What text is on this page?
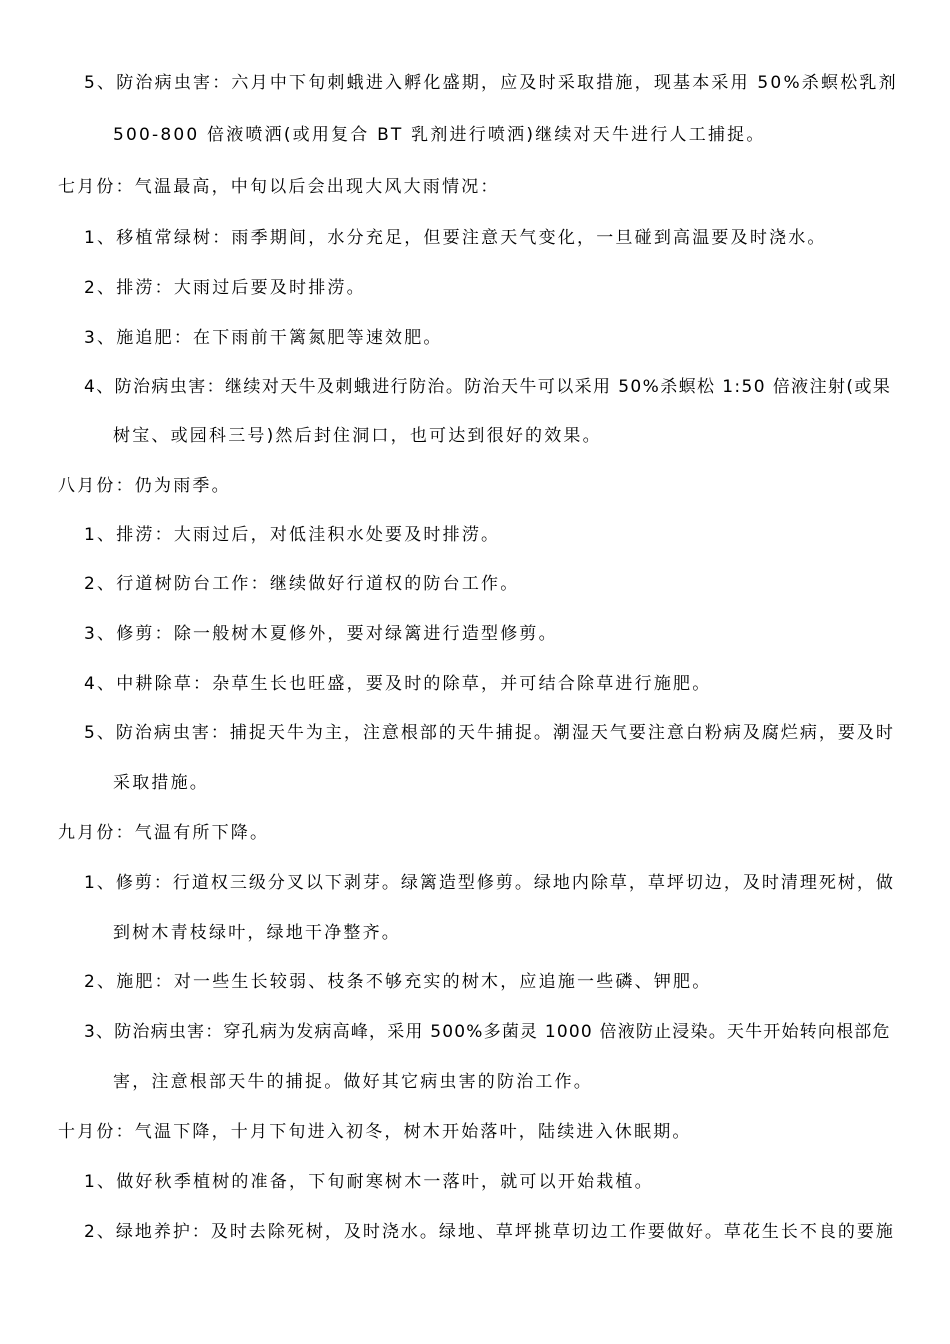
5、防治病虫害：六月中下旬刺蛾进入孵化盛期，应及时采取措施，现基本采用 50%杀螟松乳剂
500-800 倍液喷洒(或用复合 BT 乳剂进行喷洒)继续对天牛进行人工捕捉。
七月份：气温最高，中旬以后会出现大风大雨情况：
1、移植常绿树：雨季期间，水分充足，但要注意天气变化，一旦碰到高温要及时浇水。
2、排涝：大雨过后要及时排涝。
3、施追肥：在下雨前干篱氮肥等速效肥。
4、防治病虫害：继续对天牛及刺蛾进行防治。防治天牛可以采用 50%杀螟松 1:50 倍液注射(或果
树宝、或园科三号)然后封住洞口，也可达到很好的效果。
八月份：仍为雨季。
1、排涝：大雨过后，对低洼积水处要及时排涝。
2、行道树防台工作：继续做好行道权的防台工作。
3、修剪：除一般树木夏修外，要对绿篱进行造型修剪。
4、中耕除草：杂草生长也旺盛，要及时的除草，并可结合除草进行施肥。
5、防治病虫害：捕捉天牛为主，注意根部的天牛捕捉。潮湿天气要注意白粉病及腐烂病，要及时
采取措施。
九月份：气温有所下降。
1、修剪：行道权三级分叉以下剥芽。绿篱造型修剪。绿地内除草，草坪切边，及时清理死树，做
到树木青枝绿叶，绿地干净整齐。
2、施肥：对一些生长较弱、枝条不够充实的树木，应追施一些磷、钾肥。
3、防治病虫害：穿孔病为发病高峰，采用 500%多菌灵 1000 倍液防止浸染。天牛开始转向根部危
害，注意根部天牛的捕捉。做好其它病虫害的防治工作。
十月份：气温下降，十月下旬进入初冬，树木开始落叶，陆续进入休眠期。
1、做好秋季植树的准备，下旬耐寒树木一落叶，就可以开始栽植。
2、绿地养护：及时去除死树，及时浇水。绿地、草坪挑草切边工作要做好。草花生长不良的要施
